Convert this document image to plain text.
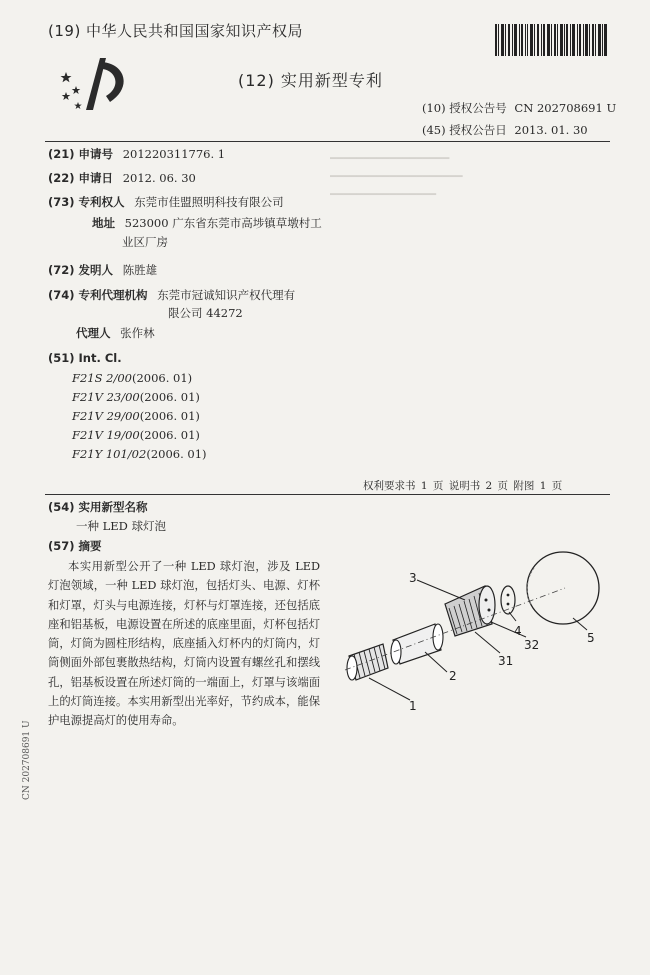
(19) 中华人民共和国国家知识产权局
(12) 实用新型专利
(10) 授权公告号 CN 202708691 U
(45) 授权公告日 2013. 01. 30
━━━━━━━━━━━━━━━━━━
━━━━━━━━━━━━━━━━━━━━
━━━━━━━━━━━━━━━━
(21) 申请号 201220311776. 1
(22) 申请日 2012. 06. 30
(73) 专利权人 东莞市佳盟照明科技有限公司
地址 523000 广东省东莞市高埗镇草墩村工
业区厂房
(72) 发明人 陈胜雄
(74) 专利代理机构 东莞市冠诚知识产权代理有
限公司 44272
代理人 张作林
(51) Int. Cl.
F21S 2/00(2006. 01)
F21V 23/00(2006. 01)
F21V 29/00(2006. 01)
F21V 19/00(2006. 01)
F21Y 101/02(2006. 01)
权利要求书 1 页 说明书 2 页 附图 1 页
(54) 实用新型名称
一种 LED 球灯泡
(57) 摘要
本实用新型公开了一种 LED 球灯泡，涉及 LED 灯泡领域，一种 LED 球灯泡，包括灯头、电源、灯杯和灯罩，灯头与电源连接，灯杯与灯罩连接，还包括底座和铝基板，电源设置在所述的底座里面，灯杯包括灯筒，灯筒为圆柱形结构，底座插入灯杯内的灯筒内，灯筒侧面外部包裹散热结构，灯筒内设置有螺丝孔和摆线孔，铝基板设置在所述灯筒的一端面上，灯罩与该端面上的灯筒连接。本实用新型出光率好，节约成本，能保护电源提高灯的使用寿命。
3
4
32	5
2
31
1
CN 202708691 U
